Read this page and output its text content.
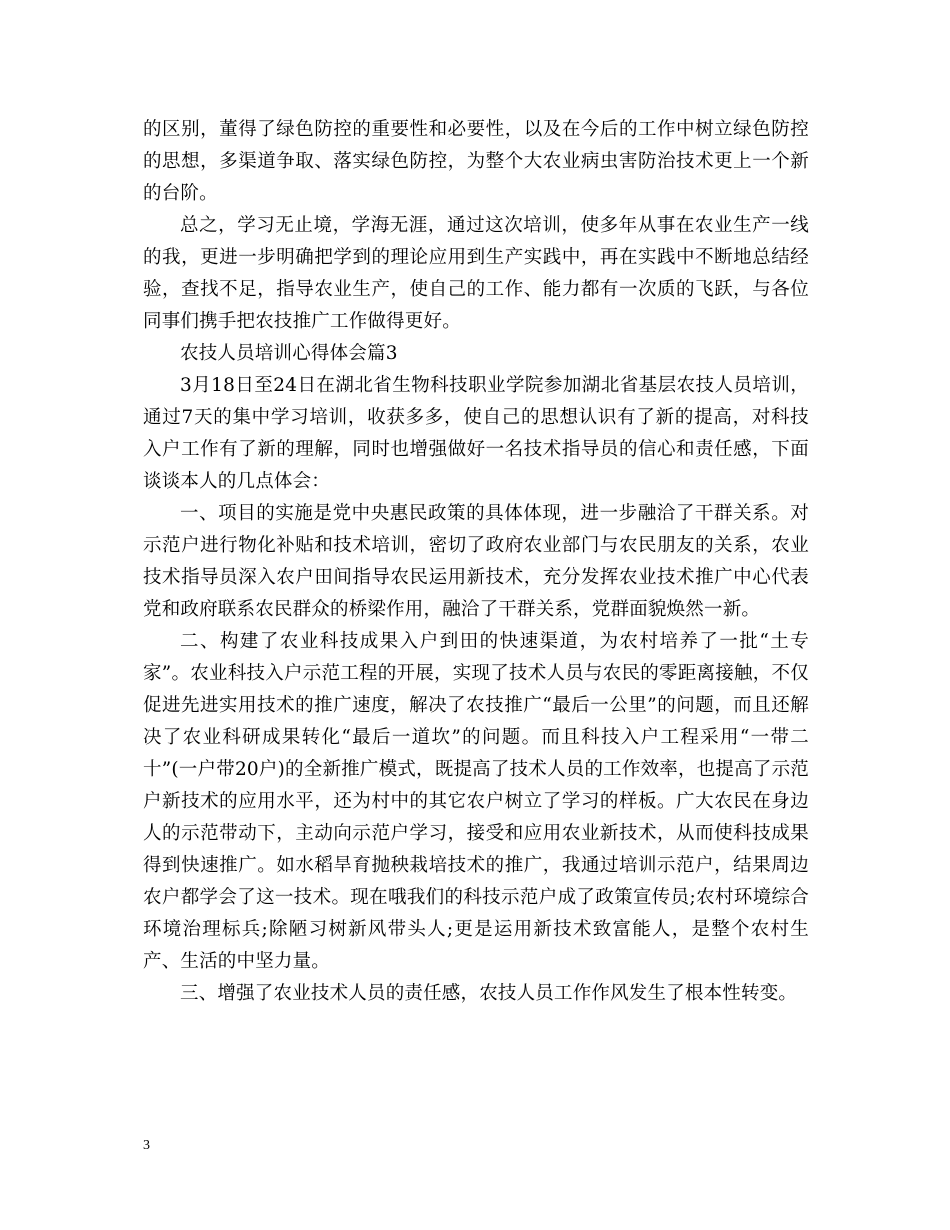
的区别，董得了绿色防控的重要性和必要性，以及在今后的工作中树立绿色防控的思想，多渠道争取、落实绿色防控，为整个大农业病虫害防治技术更上一个新的台阶。

总之，学习无止境，学海无涯，通过这次培训，使多年从事在农业生产一线的我，更进一步明确把学到的理论应用到生产实践中，再在实践中不断地总结经验，查找不足，指导农业生产，使自己的工作、能力都有一次质的飞跃，与各位同事们携手把农技推广工作做得更好。

农技人员培训心得体会篇3

3月18日至24日在湖北省生物科技职业学院参加湖北省基层农技人员培训，通过7天的集中学习培训，收获多多，使自己的思想认识有了新的提高，对科技入户工作有了新的理解，同时也增强做好一名技术指导员的信心和责任感，下面谈谈本人的几点体会：

一、项目的实施是党中央惠民政策的具体体现，进一步融洽了干群关系。对示范户进行物化补贴和技术培训，密切了政府农业部门与农民朋友的关系，农业技术指导员深入农户田间指导农民运用新技术，充分发挥农业技术推广中心代表党和政府联系农民群众的桥梁作用，融洽了干群关系，党群面貌焕然一新。

二、构建了农业科技成果入户到田的快速渠道，为农村培养了一批“土专家”。农业科技入户示范工程的开展，实现了技术人员与农民的零距离接触，不仅促进先进实用技术的推广速度，解决了农技推广“最后一公里”的问题，而且还解决了农业科研成果转化“最后一道坎”的问题。而且科技入户工程采用“一带二十”(一户带20户)的全新推广模式，既提高了技术人员的工作效率，也提高了示范户新技术的应用水平，还为村中的其它农户树立了学习的样板。广大农民在身边人的示范带动下，主动向示范户学习，接受和应用农业新技术，从而使科技成果得到快速推广。如水稻旱育抛秧栽培技术的推广，我通过培训示范户，结果周边农户都学会了这一技术。现在哦我们的科技示范户成了政策宣传员;农村环境综合环境治理标兵;除陋习树新风带头人;更是运用新技术致富能人，是整个农村生产、生活的中坚力量。

三、增强了农业技术人员的责任感，农技人员工作作风发生了根本性转变。

3
